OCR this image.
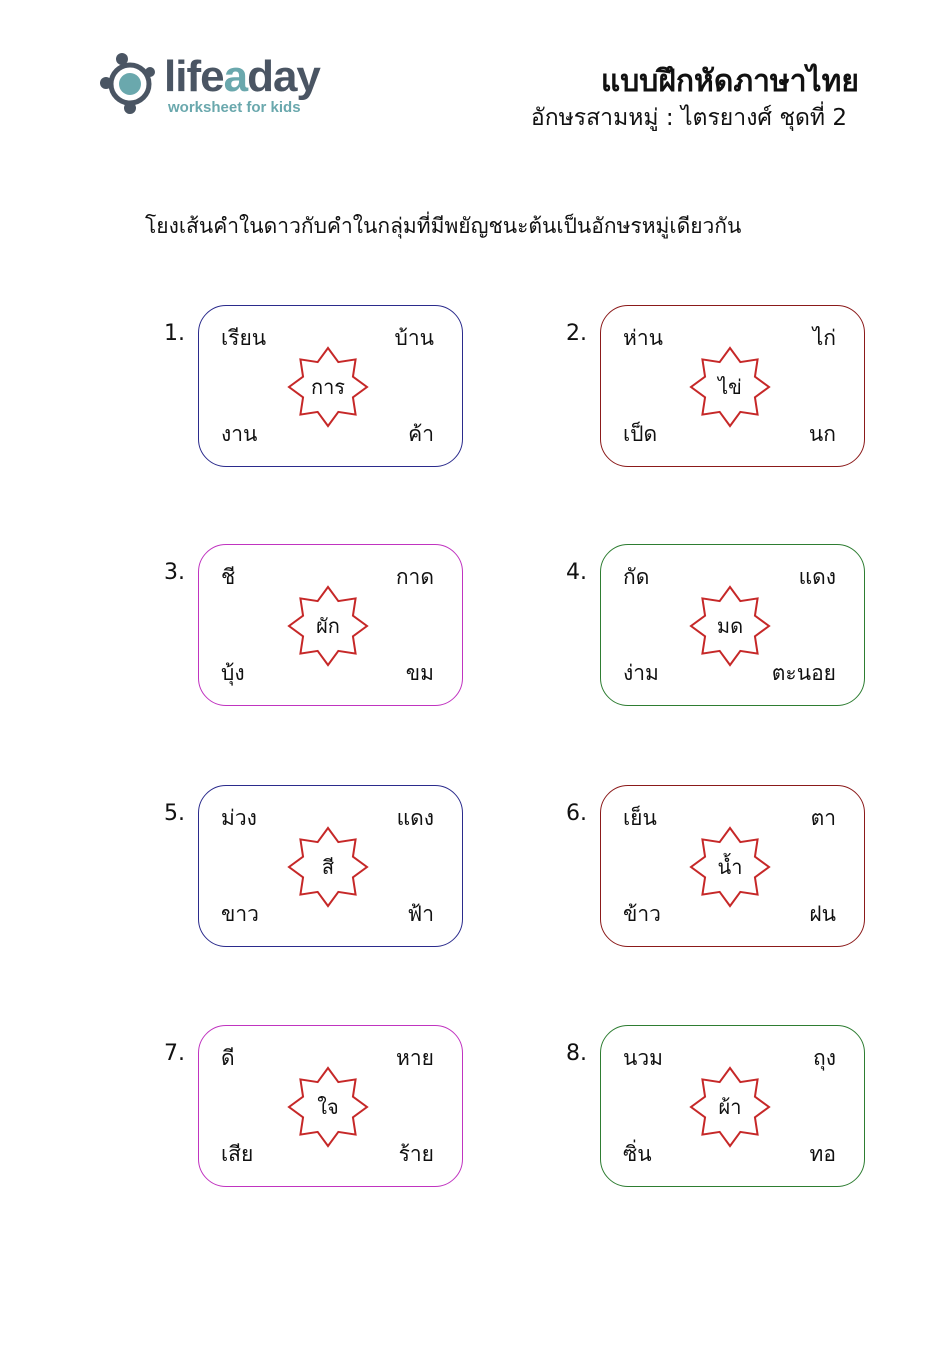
lifeaday
worksheet for kids
แบบฝึกหัดภาษาไทย
อักษรสามหมู่ : ไตรยางศ์ ชุดที่ 2
โยงเส้นคำในดาวกับคำในกลุ่มที่มีพยัญชนะต้นเป็นอักษรหมู่เดียวกัน
1. เรียน	บ้าน
งาน	ค้า
การ
2. ห่าน	ไก่
เป็ด	นก
ไข่
3. ชี	กาด
บุ้ง	ขม
ผัก
4. กัด	แดง
ง่าม	ตะนอย
มด
5. ม่วง	แดง
ขาว	ฟ้า
สี
6. เย็น	ตา
ข้าว	ฝน
น้ำ
7. ดี	หาย
เสีย	ร้าย
ใจ
8. นวม	ถุง
ซิ่น	ทอ
ผ้า
